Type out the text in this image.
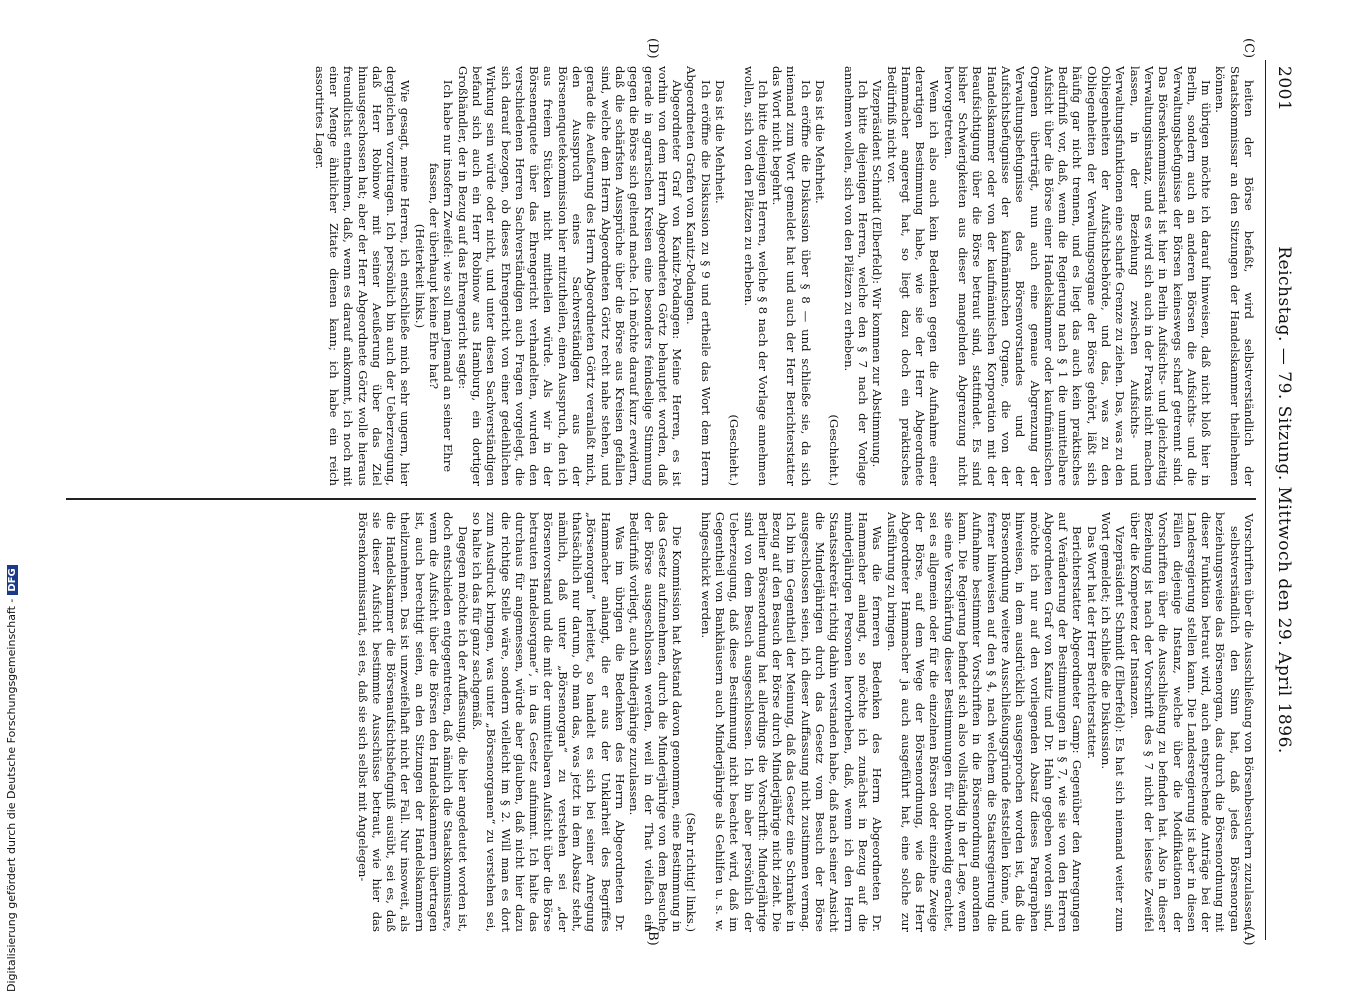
2001
Reichstag. — 79. Sitzung. Mittwoch den 29. April 1896.
(C)
(D)
(A)
(B)

heiten der Börse befaßt, wird selbstverständlich der Staatskommissar an den Sitzungen der Handelskammer theilnehmen können.

Im übrigen möchte ich darauf hinweisen, daß nicht bloß hier in Berlin, sondern auch an anderen Börsen die Aufsichts- und die Verwaltungsbefugnisse der Börsen keineswegs scharf getrennt sind. Das Börsenkommissariat ist hier in Berlin Aufsichts- und gleichzeitig Verwaltungsinstanz, und es wird sich auch in der Praxis nicht machen lassen, in der Beziehung zwischen Aufsichts- und Verwaltungsfunktionen eine scharfe Grenze zu ziehen. Das, was zu den Obliegenheiten der Aufsichtsbehörde, und das, was zu den Obliegenheiten der Verwaltungsorgane der Börse gehört, läßt sich häufig gar nicht trennen, und es liegt das auch kein praktisches Bedürfniß vor, daß, wenn die Regierung nach § 1 die unmittelbare Aufsicht über die Börse einer Handelskammer oder kaufmännischen Organen überträgt, nun auch eine genaue Abgrenzung der Verwaltungsbefugnisse des Börsenvorstandes und der Aufsichtsbefugnisse der kaufmännischen Organe, die von der Handelskammer oder von der kaufmännischen Korporation mit der Beaufsichtigung über die Börse betraut sind, stattfindet. Es sind bisher Schwierigkeiten aus dieser mangelnden Abgrenzung nicht hervorgetreten.

Wenn ich also auch kein Bedenken gegen die Aufnahme einer derartigen Bestimmung habe, wie sie der Herr Abgeordnete Hammacher angeregt hat, so liegt dazu doch ein praktisches Bedürfniß nicht vor.

Vizepräsident Schmidt (Elberfeld): Wir kommen zur Abstimmung.

Ich bitte diejenigen Herren, welche den § 7 nach der Vorlage annehmen wollen, sich von den Plätzen zu erheben.

(Geschieht.)

Das ist die Mehrheit.

Ich eröffne die Diskussion über § 8 — und schließe sie, da sich niemand zum Wort gemeldet hat und auch der Herr Berichterstatter das Wort nicht begehrt.

Ich bitte diejenigen Herren, welche § 8 nach der Vorlage annehmen wollen, sich von den Plätzen zu erheben.

(Geschieht.)

Das ist die Mehrheit.

Ich eröffne die Diskussion zu § 9 und ertheile das Wort dem Herrn Abgeordneten Grafen von Kanitz-Podangen.

Abgeordneter Graf von Kanitz-Podangen: Meine Herren, es ist vorhin von dem Herrn Abgeordneten Görtz behauptet worden, daß gerade in agrarischen Kreisen eine besonders feindselige Stimmung gegen die Börse sich geltend mache. Ich möchte darauf kurz erwidern, daß die schärfsten Aussprüche über die Börse aus Kreisen gefallen sind, welche dem Herrn Abgeordneten Görtz recht nahe stehen, und gerade die Aeußerung des Herrn Abgeordneten Görtz veranlaßt mich, den Ausspruch eines Sachverständigen aus der Börsenenquetekommission hier mitzutheilen, einen Ausspruch, den ich aus freiem Stücken nicht mittheilen würde. Als wir in der Börsenenquete über das Ehrengericht verhandelten, wurden den verschiedenen Herren Sachverständigen auch Fragen vorgelegt, die sich darauf bezogen, ob dieses Ehrengericht von einer gedeihlichen Wirkung sein würde oder nicht, und unter diesen Sachverständigen befand sich auch ein Herr Robinow aus Hamburg, ein dortiger Großhändler, der in Bezug auf das Ehrengericht sagte:

Ich habe nur insofern Zweifel: wie soll man jemand an seiner Ehre fassen, der überhaupt keine Ehre hat?

(Heiterkeit links.)

Wie gesagt, meine Herren, ich entschließe mich sehr ungern, hier dergleichen vorzutragen. Ich persönlich bin auch der Ueberzeugung, daß Herr Robinow mit seiner Aeußerung über das Ziel hinausgeschossen hat; aber der Herr Abgeordnete Görtz wolle hieraus freundlichst entnehmen, daß, wenn es darauf ankommt, ich noch mit einer Menge ähnlicher Zitate dienen kann; ich habe ein reich assortirtes Lager.

Vorschriften über die Ausschließung von Börsenbesuchern zuzulassen,

selbstverständlich den Sinn hat, daß jedes Börsenorgan beziehungsweise das Börsenorgan, das durch die Börsenordnung mit dieser Funktion betraut wird, auch entsprechende Anträge bei der Landesregierung stellen kann. Die Landesregierung ist aber in diesen Fällen diejenige Instanz, welche über die Modifikationen der Vorschriften über die Ausschließung zu befinden hat. Also in dieser Beziehung ist nach der Vorschrift des § 7 nicht der leiseste Zweifel über die Kompetenz der Instanzen.

Vizepräsident Schmidt (Elberfeld): Es hat sich niemand weiter zum Wort gemeldet; ich schließe die Diskussion.

Das Wort hat der Herr Berichterstatter.

Berichterstatter Abgeordneter Gamp: Gegenüber den Anregungen auf Veränderung der Bestimmungen in § 7, wie sie von den Herren Abgeordneten Graf von Kanitz und Dr. Hahn gegeben worden sind, möchte ich nur auf den vorliegenden Absatz dieses Paragraphen hinweisen, in dem ausdrücklich ausgesprochen worden ist, daß die Börsenordnung weitere Ausschließungsgründe feststellen könne, und ferner hinweisen auf den § 4, nach welchem die Staatsregierung die Aufnahme bestimmter Vorschriften in die Börsenordnung anordnen kann. Die Regierung befindet sich also vollständig in der Lage, wenn sie eine Verschärfung dieser Bestimmungen für nothwendig erachtet, sei es allgemein oder für die einzelnen Börsen oder einzelne Zweige der Börse, auf dem Wege der Börsenordnung, wie das Herr Abgeordneter Hammacher ja auch ausgeführt hat, eine solche zur Ausführung zu bringen.

Was die ferneren Bedenken des Herrn Abgeordneten Dr. Hammacher anlangt, so möchte ich zunächst in Bezug auf die minderjährigen Personen hervorheben, daß, wenn ich den Herrn Staatssekretär richtig dahin verstanden habe, daß nach seiner Ansicht die Minderjährigen durch das Gesetz vom Besuch der Börse ausgeschlossen seien, ich dieser Auffassung nicht zustimmen vermag. Ich bin im Gegentheil der Meinung, daß das Gesetz eine Schranke in Bezug auf den Besuch der Börse durch Minderjährige nicht zieht. Die Berliner Börsenordnung hat allerdings die Vorschrift: Minderjährige sind von dem Besuch ausgeschlossen. Ich bin aber persönlich der Ueberzeugung, daß diese Bestimmung nicht beachtet wird, daß im Gegentheil von Bankhäusern auch Minderjährige als Gehilfen u. s. w. hingeschickt werden.

(Sehr richtig! links.)

Die Kommission hat Abstand davon genommen, eine Bestimmung in das Gesetz aufzunehmen, durch die Minderjährige von dem Besuche der Börse ausgeschlossen werden, weil in der That vielfach ein Bedürfniß vorliegt, auch Minderjährige zuzulassen.

Was im übrigen die Bedenken des Herrn Abgeordneten Dr. Hammacher anlangt, die er aus der Unklarheit des Begriffes „Börsenorgan“ herleitet, so handelt es sich bei seiner Anregung thatsächlich nur darum, ob man das, was jetzt in dem Absatz steht, nämlich, daß unter „Börsenorgan“ zu verstehen sei „der Börsenvorstand und die mit der unmittelbaren Aufsicht über die Börse betrauten Handelsorgane“, in das Gesetz aufnimmt. Ich halte das durchaus für angemessen, würde aber glauben, daß nicht hier dazu die richtige Stelle wäre, sondern vielleicht im § 2. Will man es dort zum Ausdruck bringen, was unter „Börsenorganen“ zu verstehen sei, so halte ich das für ganz sachgemäß.

Dagegen möchte ich der Auffassung, die hier angedeutet worden ist, doch entschieden entgegentreten, daß nämlich die Staatskommissare, wenn die Aufsicht über die Börsen den Handelskammern übertragen ist, auch berechtigt seien, an den Sitzungen der Handelskammern theilzunehmen. Das ist unzweifelhaft nicht der Fall. Nur insoweit, als die Handelskammer die Börsenaufsichtsbefugniß ausübt, sei es, daß sie dieser Aufsicht bestimmte Ausschüsse betraut, wie hier das Börsenkommissariat, sei es, daß sie sich selbst mit Angelegen-

Digitalisierung gefördert durch die Deutsche Forschungsgemeinschaft -DFG
